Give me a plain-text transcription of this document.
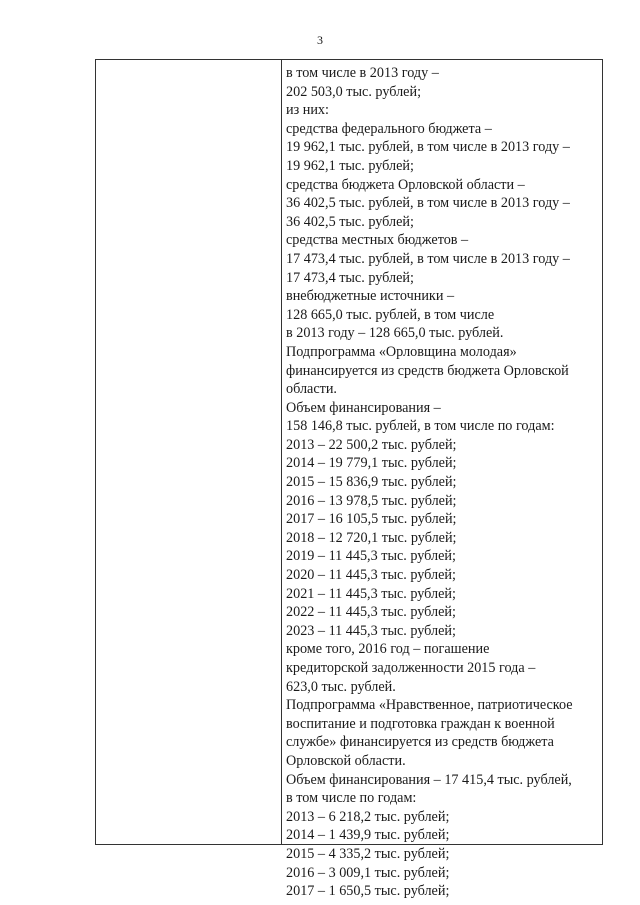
3
в том числе в 2013 году –
202 503,0 тыс. рублей;
из них:
средства федерального бюджета –
19 962,1 тыс. рублей, в том числе в 2013 году –
19 962,1 тыс. рублей;
средства бюджета Орловской области –
36 402,5 тыс. рублей, в том числе в 2013 году –
36 402,5 тыс. рублей;
средства местных бюджетов –
17 473,4 тыс. рублей, в том числе в 2013 году –
17 473,4 тыс. рублей;
внебюджетные источники –
128 665,0 тыс. рублей, в том числе
в 2013 году – 128 665,0 тыс. рублей.
Подпрограмма «Орловщина молодая»
финансируется из средств бюджета Орловской
области.
Объем финансирования –
158 146,8 тыс. рублей, в том числе по годам:
2013 – 22 500,2 тыс. рублей;
2014 – 19 779,1 тыс. рублей;
2015 – 15 836,9 тыс. рублей;
2016 – 13 978,5 тыс. рублей;
2017 – 16 105,5 тыс. рублей;
2018 – 12 720,1 тыс. рублей;
2019 – 11 445,3 тыс. рублей;
2020 – 11 445,3 тыс. рублей;
2021 – 11 445,3 тыс. рублей;
2022 – 11 445,3 тыс. рублей;
2023 – 11 445,3 тыс. рублей;
кроме того, 2016 год – погашение
кредиторской задолженности 2015 года –
623,0 тыс. рублей.
Подпрограмма «Нравственное, патриотическое
воспитание и подготовка граждан к военной
службе» финансируется из средств бюджета
Орловской области.
Объем финансирования – 17 415,4 тыс. рублей,
в том числе по годам:
2013 – 6 218,2 тыс. рублей;
2014 – 1 439,9 тыс. рублей;
2015 – 4 335,2 тыс. рублей;
2016 – 3 009,1 тыс. рублей;
2017 – 1 650,5 тыс. рублей;
